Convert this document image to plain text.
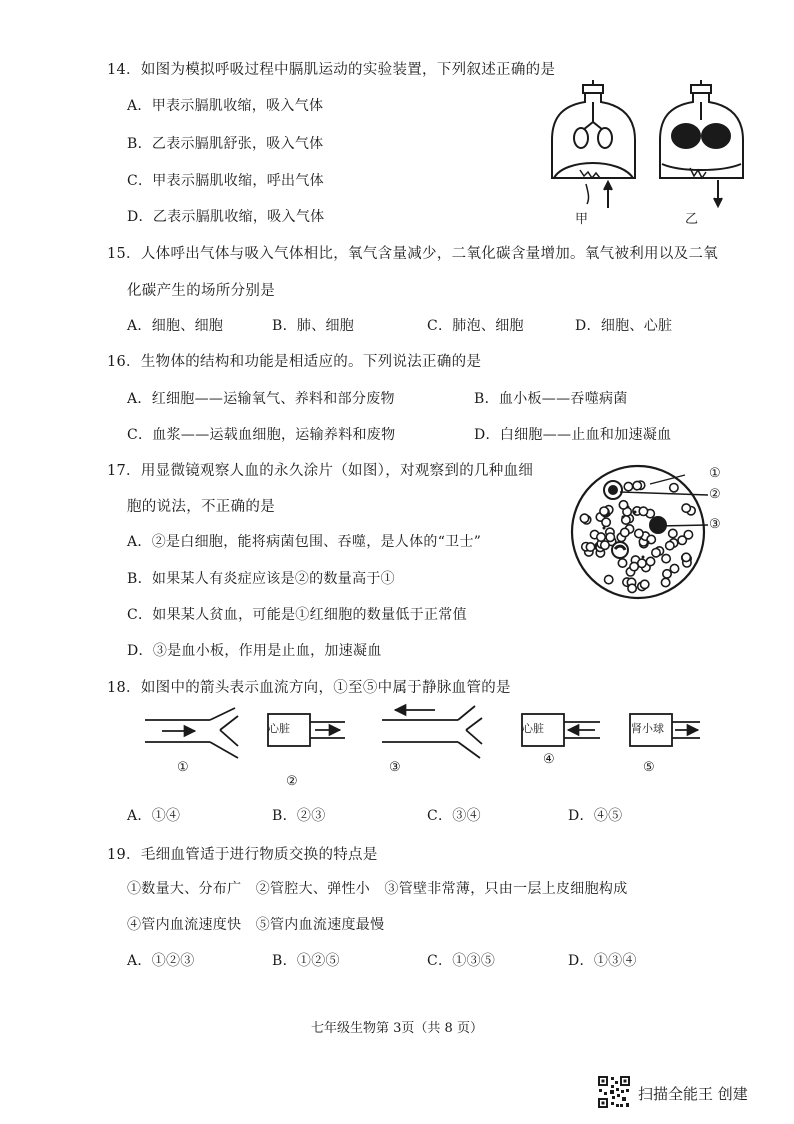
14．如图为模拟呼吸过程中膈肌运动的实验装置，下列叙述正确的是
A．甲表示膈肌收缩，吸入气体
B．乙表示膈肌舒张，吸入气体
C．甲表示膈肌收缩，呼出气体
D．乙表示膈肌收缩，吸入气体	甲	乙
15．人体呼出气体与吸入气体相比，氧气含量减少，二氧化碳含量增加。氧气被利用以及二氧
化碳产生的场所分别是
A．细胞、细胞	B．肺、细胞	C．肺泡、细胞	D．细胞、心脏
16．生物体的结构和功能是相适应的。下列说法正确的是
A．红细胞——运输氧气、养料和部分废物	B．血小板——吞噬病菌
C．血浆——运载血细胞，运输养料和废物	D．白细胞——止血和加速凝血
17．用显微镜观察人血的永久涂片（如图），对观察到的几种血细
胞的说法，不正确的是
A．②是白细胞，能将病菌包围、吞噬，是人体的“卫士”
B．如果某人有炎症应该是②的数量高于①
C．如果某人贫血，可能是①红细胞的数量低于正常值
D．③是血小板，作用是止血，加速凝血
①
②
③
18．如图中的箭头表示血流方向，①至⑤中属于静脉血管的是
心脏	心脏	肾小球
①
②
③
④
⑤
A．①④	B．②③	C．③④	D．④⑤
19．毛细血管适于进行物质交换的特点是
①数量大、分布广　②管腔大、弹性小　③管壁非常薄，只由一层上皮细胞构成
④管内血流速度快　⑤管内血流速度最慢
A．①②③	B．①②⑤	C．①③⑤	D．①③④
七年级生物第 3页（共 8 页）
扫描全能王 创建
